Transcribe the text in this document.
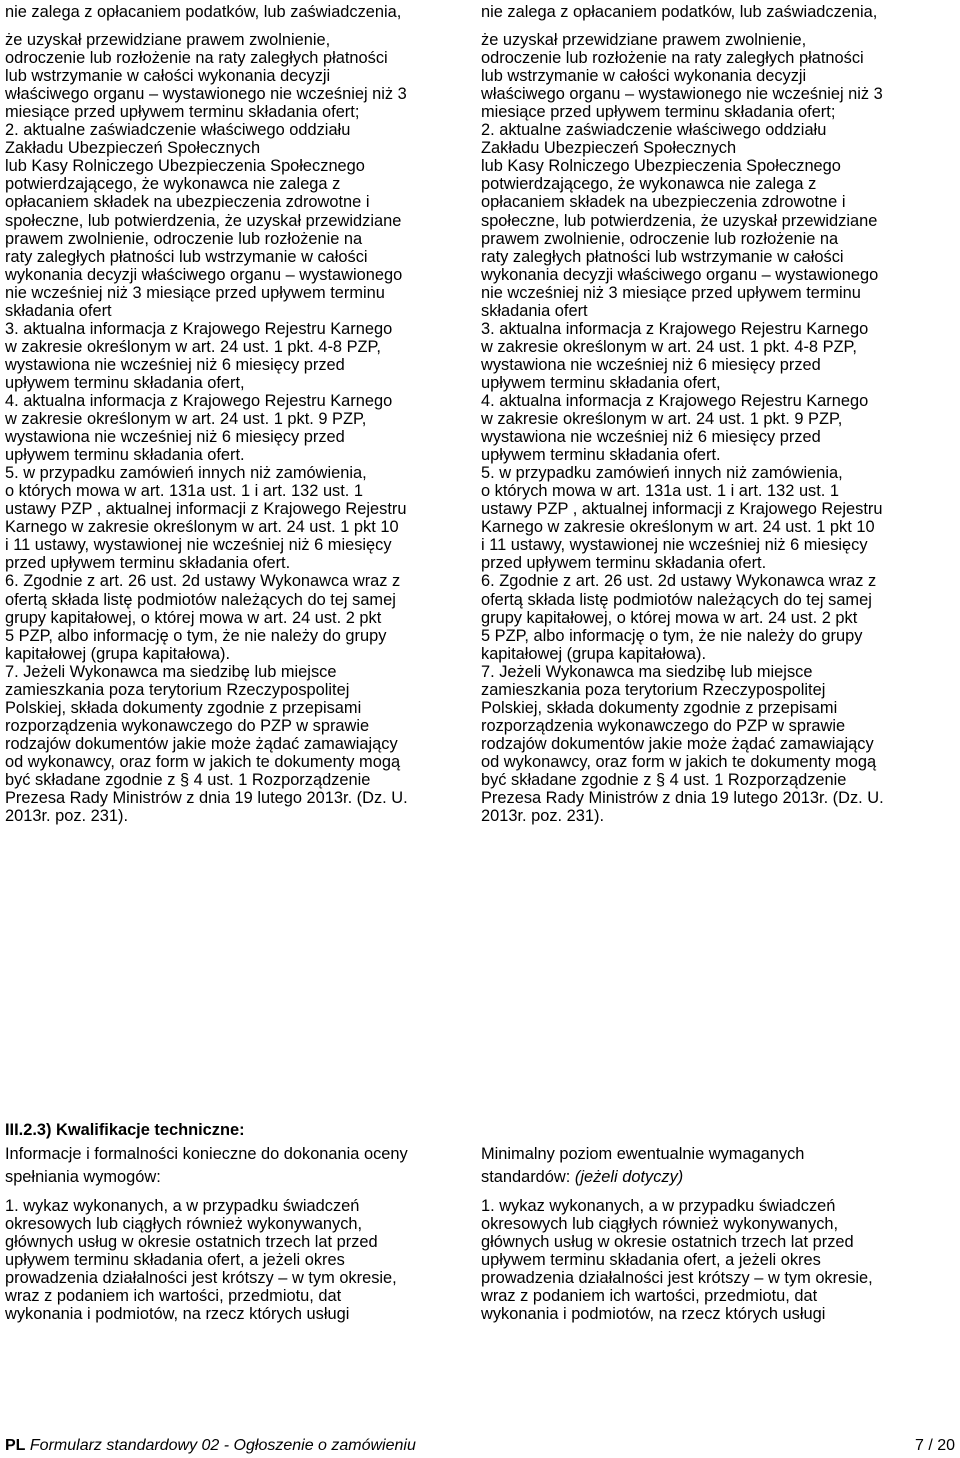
nie zalega z opłacaniem podatków, lub zaświadczenia,
że uzyskał przewidziane prawem zwolnienie,
odroczenie lub rozłożenie na raty zaległych płatności
lub wstrzymanie w całości wykonania decyzji
właściwego organu – wystawionego nie wcześniej niż 3
miesiące przed upływem terminu składania ofert;
2. aktualne zaświadczenie właściwego oddziału
Zakładu Ubezpieczeń Społecznych
lub Kasy Rolniczego Ubezpieczenia Społecznego
potwierdzającego, że wykonawca nie zalega z
opłacaniem składek na ubezpieczenia zdrowotne i
społeczne, lub potwierdzenia, że uzyskał przewidziane
prawem zwolnienie, odroczenie lub rozłożenie na
raty zaległych płatności lub wstrzymanie w całości
wykonania decyzji właściwego organu – wystawionego
nie wcześniej niż 3 miesiące przed upływem terminu
składania ofert
3. aktualna informacja z Krajowego Rejestru Karnego
w zakresie określonym w art. 24 ust. 1 pkt. 4-8 PZP,
wystawiona nie wcześniej niż 6 miesięcy przed
upływem terminu składania ofert,
4. aktualna informacja z Krajowego Rejestru Karnego
w zakresie określonym w art. 24 ust. 1 pkt. 9 PZP,
wystawiona nie wcześniej niż 6 miesięcy przed
upływem terminu składania ofert.
5. w przypadku zamówień innych niż zamówienia,
o których mowa w art. 131a ust. 1 i art. 132 ust. 1
ustawy PZP , aktualnej informacji z Krajowego Rejestru
Karnego w zakresie określonym w art. 24 ust. 1 pkt 10
i 11 ustawy, wystawionej nie wcześniej niż 6 miesięcy
przed upływem terminu składania ofert.
6. Zgodnie z art. 26 ust. 2d ustawy Wykonawca wraz z
ofertą składa listę podmiotów należących do tej samej
grupy kapitałowej, o której mowa w art. 24 ust. 2 pkt
5 PZP, albo informację o tym, że nie należy do grupy
kapitałowej (grupa kapitałowa).
7. Jeżeli Wykonawca ma siedzibę lub miejsce
zamieszkania poza terytorium Rzeczypospolitej
Polskiej, składa dokumenty zgodnie z przepisami
rozporządzenia wykonawczego do PZP w sprawie
rodzajów dokumentów jakie może żądać zamawiający
od wykonawcy, oraz form w jakich te dokumenty mogą
być składane zgodnie z § 4 ust. 1 Rozporządzenie
Prezesa Rady Ministrów z dnia 19 lutego 2013r. (Dz. U.
2013r. poz. 231).
nie zalega z opłacaniem podatków, lub zaświadczenia,
że uzyskał przewidziane prawem zwolnienie,
odroczenie lub rozłożenie na raty zaległych płatności
lub wstrzymanie w całości wykonania decyzji
właściwego organu – wystawionego nie wcześniej niż 3
miesiące przed upływem terminu składania ofert;
2. aktualne zaświadczenie właściwego oddziału
Zakładu Ubezpieczeń Społecznych
lub Kasy Rolniczego Ubezpieczenia Społecznego
potwierdzającego, że wykonawca nie zalega z
opłacaniem składek na ubezpieczenia zdrowotne i
społeczne, lub potwierdzenia, że uzyskał przewidziane
prawem zwolnienie, odroczenie lub rozłożenie na
raty zaległych płatności lub wstrzymanie w całości
wykonania decyzji właściwego organu – wystawionego
nie wcześniej niż 3 miesiące przed upływem terminu
składania ofert
3. aktualna informacja z Krajowego Rejestru Karnego
w zakresie określonym w art. 24 ust. 1 pkt. 4-8 PZP,
wystawiona nie wcześniej niż 6 miesięcy przed
upływem terminu składania ofert,
4. aktualna informacja z Krajowego Rejestru Karnego
w zakresie określonym w art. 24 ust. 1 pkt. 9 PZP,
wystawiona nie wcześniej niż 6 miesięcy przed
upływem terminu składania ofert.
5. w przypadku zamówień innych niż zamówienia,
o których mowa w art. 131a ust. 1 i art. 132 ust. 1
ustawy PZP , aktualnej informacji z Krajowego Rejestru
Karnego w zakresie określonym w art. 24 ust. 1 pkt 10
i 11 ustawy, wystawionej nie wcześniej niż 6 miesięcy
przed upływem terminu składania ofert.
6. Zgodnie z art. 26 ust. 2d ustawy Wykonawca wraz z
ofertą składa listę podmiotów należących do tej samej
grupy kapitałowej, o której mowa w art. 24 ust. 2 pkt
5 PZP, albo informację o tym, że nie należy do grupy
kapitałowej (grupa kapitałowa).
7. Jeżeli Wykonawca ma siedzibę lub miejsce
zamieszkania poza terytorium Rzeczypospolitej
Polskiej, składa dokumenty zgodnie z przepisami
rozporządzenia wykonawczego do PZP w sprawie
rodzajów dokumentów jakie może żądać zamawiający
od wykonawcy, oraz form w jakich te dokumenty mogą
być składane zgodnie z § 4 ust. 1 Rozporządzenie
Prezesa Rady Ministrów z dnia 19 lutego 2013r. (Dz. U.
2013r. poz. 231).
III.2.3) Kwalifikacje techniczne:
Informacje i formalności konieczne do dokonania oceny
spełniania wymogów:
Minimalny poziom ewentualnie wymaganych
standardów: (jeżeli dotyczy)
1. wykaz wykonanych, a w przypadku świadczeń
okresowych lub ciągłych również wykonywanych,
głównych usług w okresie ostatnich trzech lat przed
upływem terminu składania ofert, a jeżeli okres
prowadzenia działalności jest krótszy – w tym okresie,
wraz z podaniem ich wartości, przedmiotu, dat
wykonania i podmiotów, na rzecz których usługi
1. wykaz wykonanych, a w przypadku świadczeń
okresowych lub ciągłych również wykonywanych,
głównych usług w okresie ostatnich trzech lat przed
upływem terminu składania ofert, a jeżeli okres
prowadzenia działalności jest krótszy – w tym okresie,
wraz z podaniem ich wartości, przedmiotu, dat
wykonania i podmiotów, na rzecz których usługi
PL Formularz standardowy 02 - Ogłoszenie o zamówieniu	7 / 20
